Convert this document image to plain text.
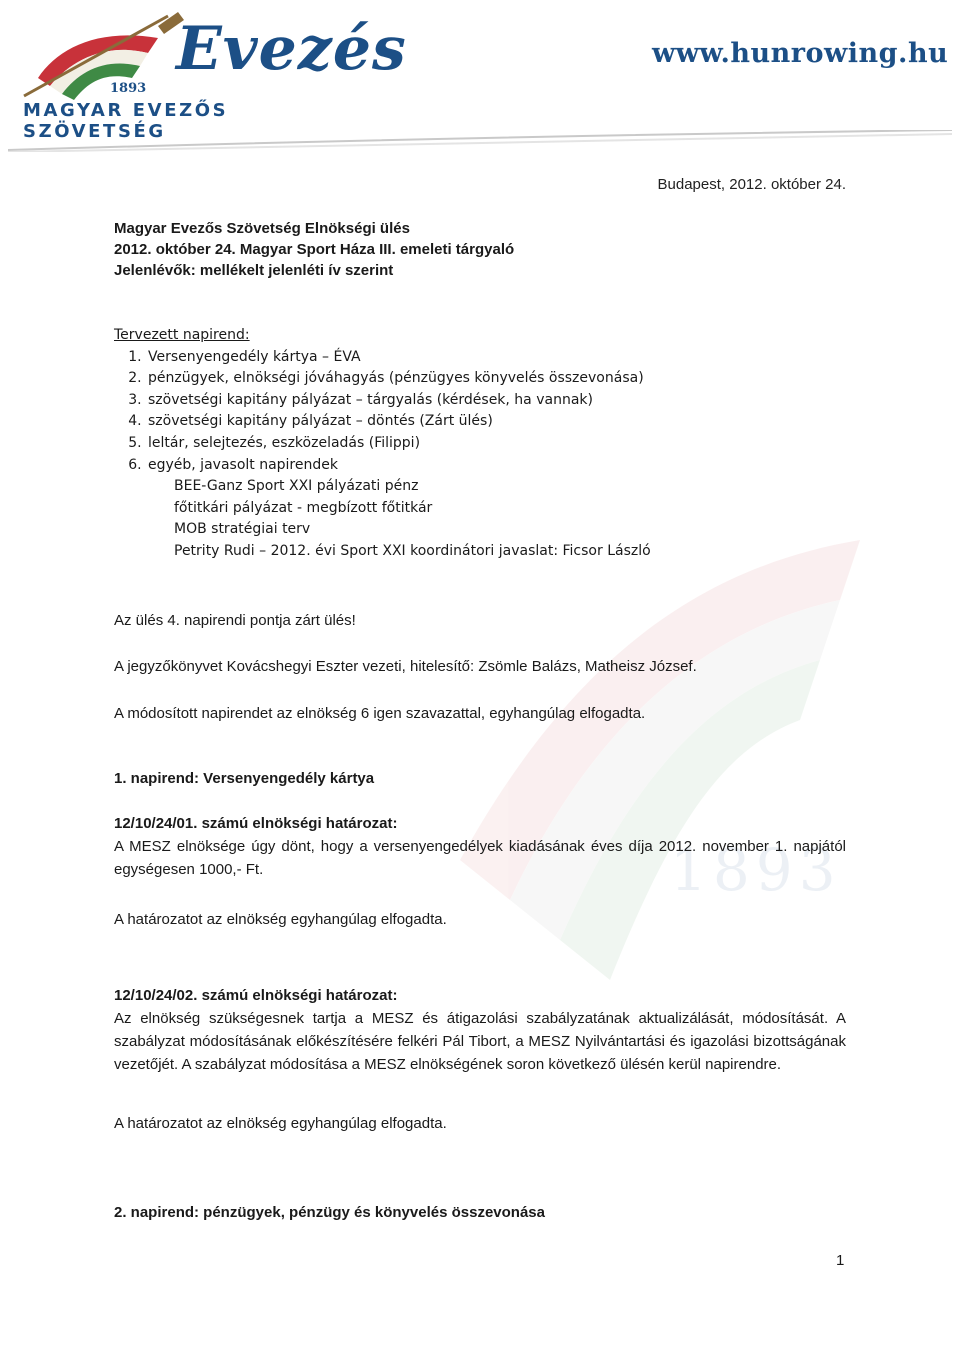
Evezés
1893
MAGYAR EVEZŐS SZÖVETSÉG
www.hunrowing.hu
1893
Budapest, 2012. október 24.
Magyar Evezős Szövetség Elnökségi ülés
2012. október 24. Magyar Sport Háza III. emeleti tárgyaló
Jelenlévők: mellékelt jelenléti ív szerint
Tervezett napirend:
1. Versenyengedély kártya – ÉVA
2. pénzügyek, elnökségi jóváhagyás (pénzügyes könyvelés összevonása)
3. szövetségi kapitány pályázat – tárgyalás (kérdések, ha vannak)
4. szövetségi kapitány pályázat – döntés (Zárt ülés)
5. leltár, selejtezés, eszközeladás (Filippi)
6. egyéb, javasolt napirendek
BEE-Ganz Sport XXI pályázati pénz
főtitkári pályázat - megbízott főtitkár
MOB stratégiai terv
Petrity Rudi – 2012. évi Sport XXI koordinátori javaslat: Ficsor László
Az ülés 4. napirendi pontja zárt ülés!
A jegyzőkönyvet Kovácshegyi Eszter vezeti, hitelesítő: Zsömle Balázs, Matheisz József.
A módosított napirendet az elnökség 6 igen szavazattal, egyhangúlag elfogadta.
1. napirend: Versenyengedély kártya
12/10/24/01. számú elnökségi határozat:
A MESZ elnöksége úgy dönt, hogy a versenyengedélyek kiadásának éves díja 2012. november 1. napjától egységesen 1000,- Ft.
A határozatot az elnökség egyhangúlag elfogadta.
12/10/24/02. számú elnökségi határozat:
Az elnökség szükségesnek tartja a MESZ és átigazolási szabályzatának aktualizálását, módosítását. A szabályzat módosításának előkészítésére felkéri Pál Tibort, a MESZ Nyilvántartási és igazolási bizottságának vezetőjét. A szabályzat módosítása a MESZ elnökségének soron következő ülésén kerül napirendre.
A határozatot az elnökség egyhangúlag elfogadta.
2. napirend: pénzügyek, pénzügy és könyvelés összevonása
1
